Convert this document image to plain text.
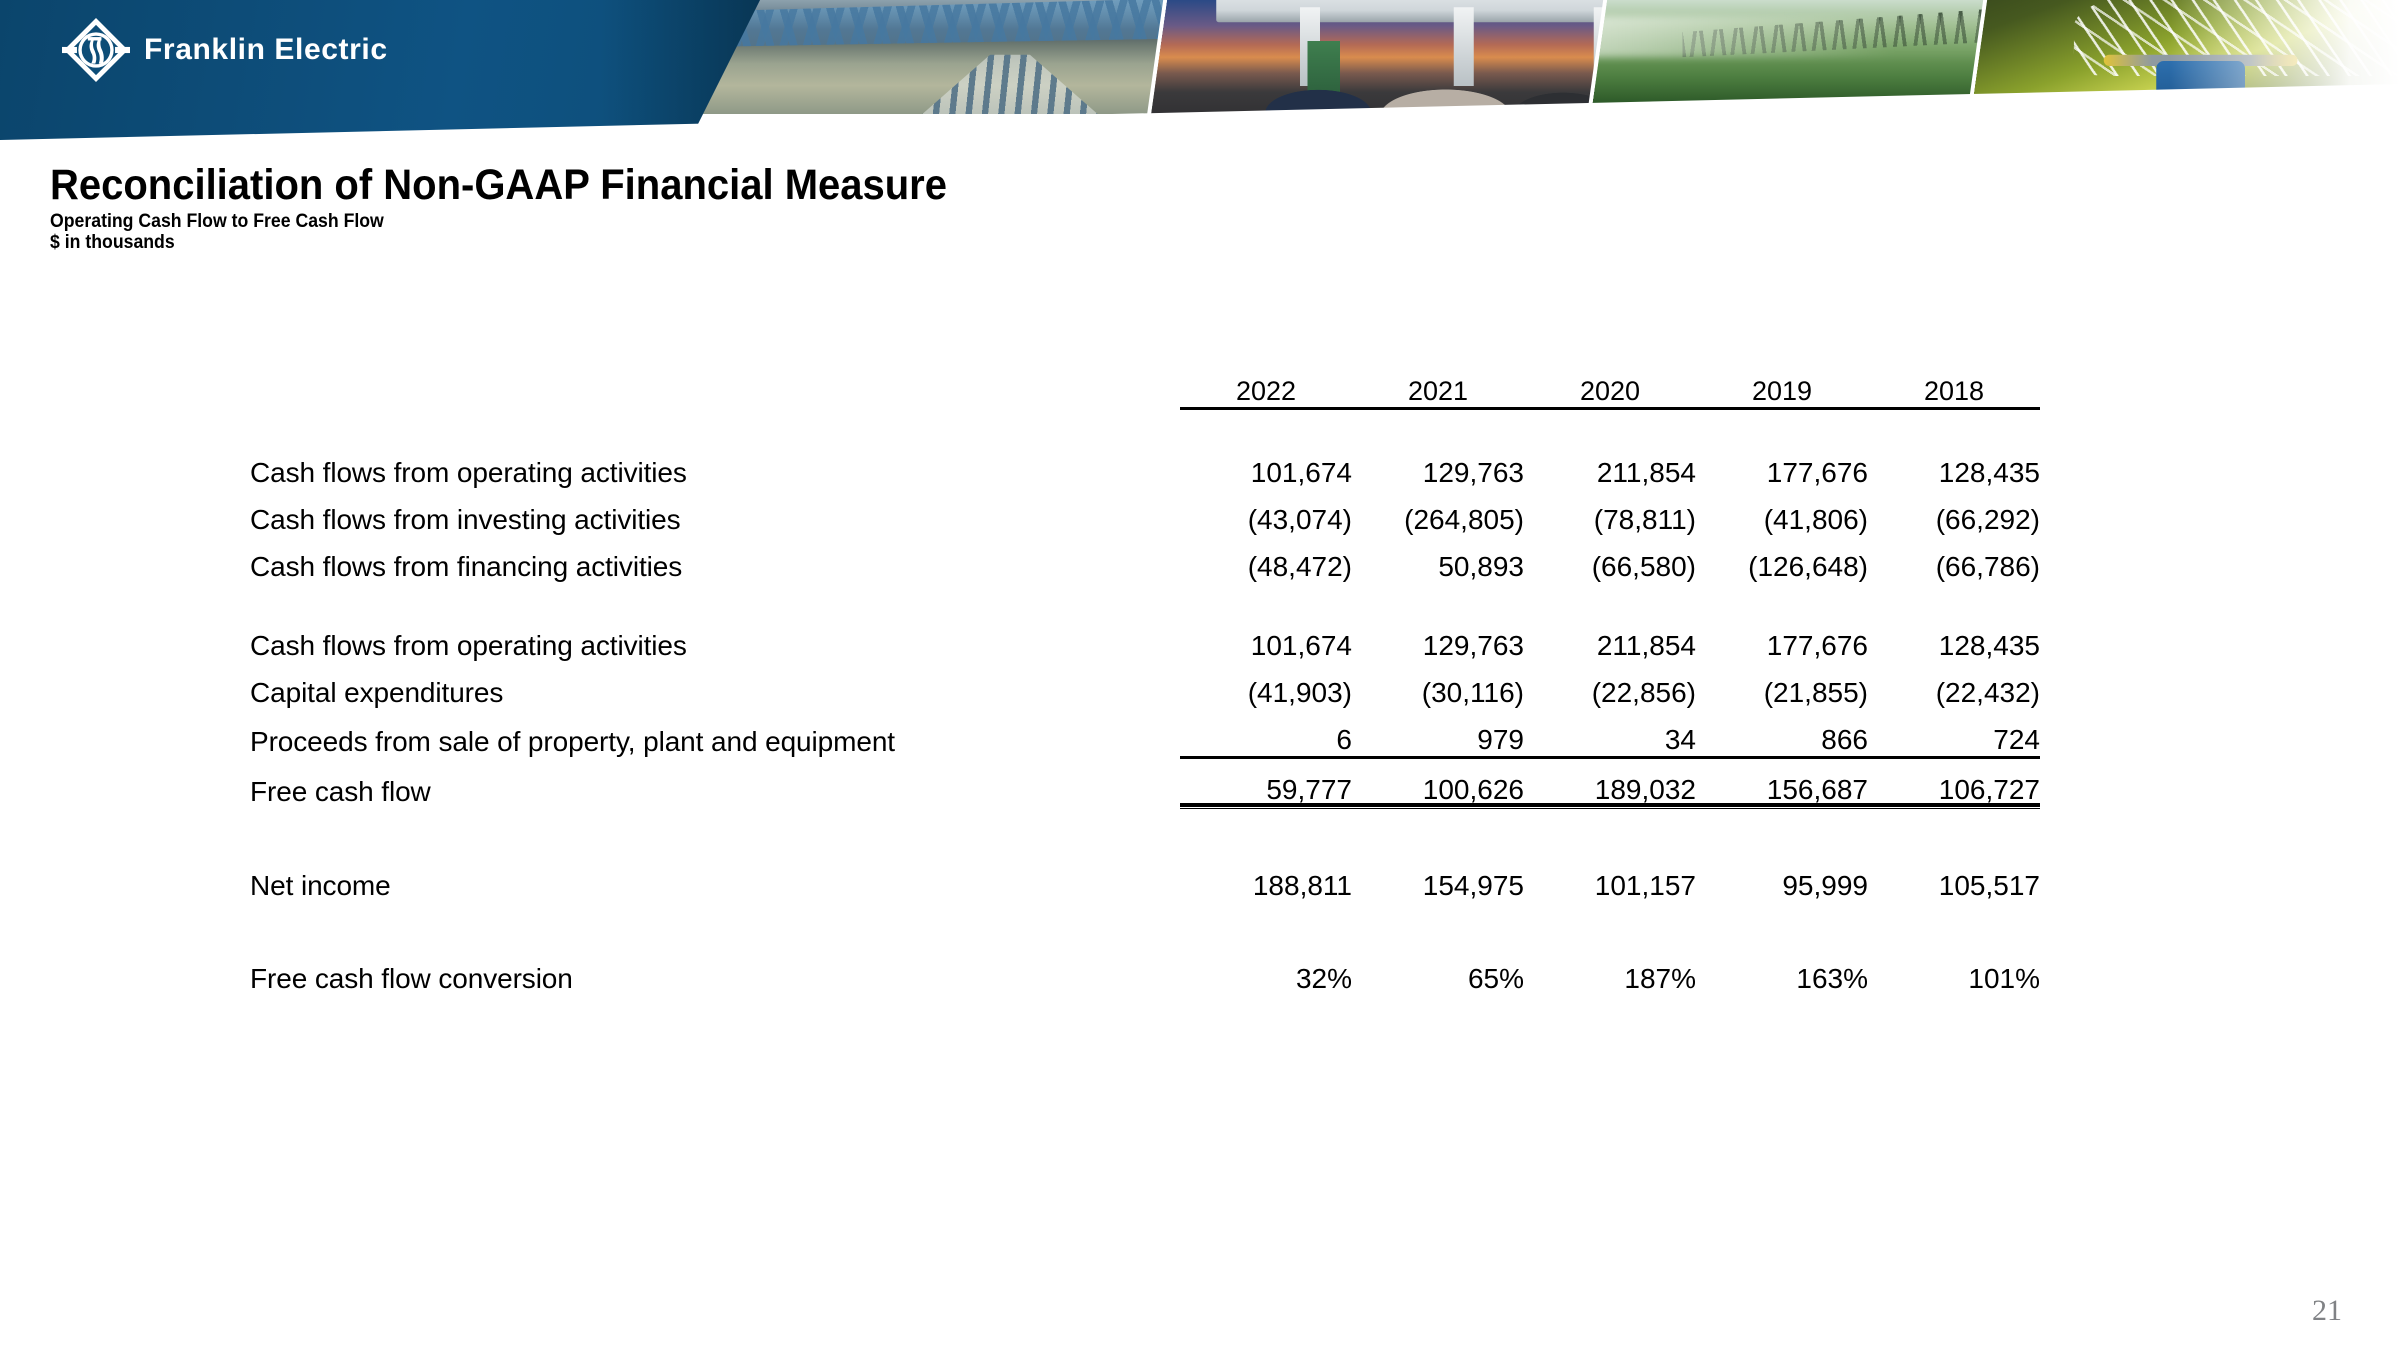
Franklin Electric
Reconciliation of Non-GAAP Financial Measure
Operating Cash Flow to Free Cash Flow
$ in thousands
	2022	2021	2020	2019	2018

Cash flows from operating activities	101,674	129,763	211,854	177,676	128,435
Cash flows from investing activities	(43,074)	(264,805)	(78,811)	(41,806)	(66,292)
Cash flows from financing activities	(48,472)	50,893	(66,580)	(126,648)	(66,786)

Cash flows from operating activities	101,674	129,763	211,854	177,676	128,435
Capital expenditures	(41,903)	(30,116)	(22,856)	(21,855)	(22,432)
Proceeds from sale of property, plant and equipment	6	979	34	866	724
Free cash flow	59,777	100,626	189,032	156,687	106,727

Net income	188,811	154,975	101,157	95,999	105,517

Free cash flow conversion	32%	65%	187%	163%	101%
21
